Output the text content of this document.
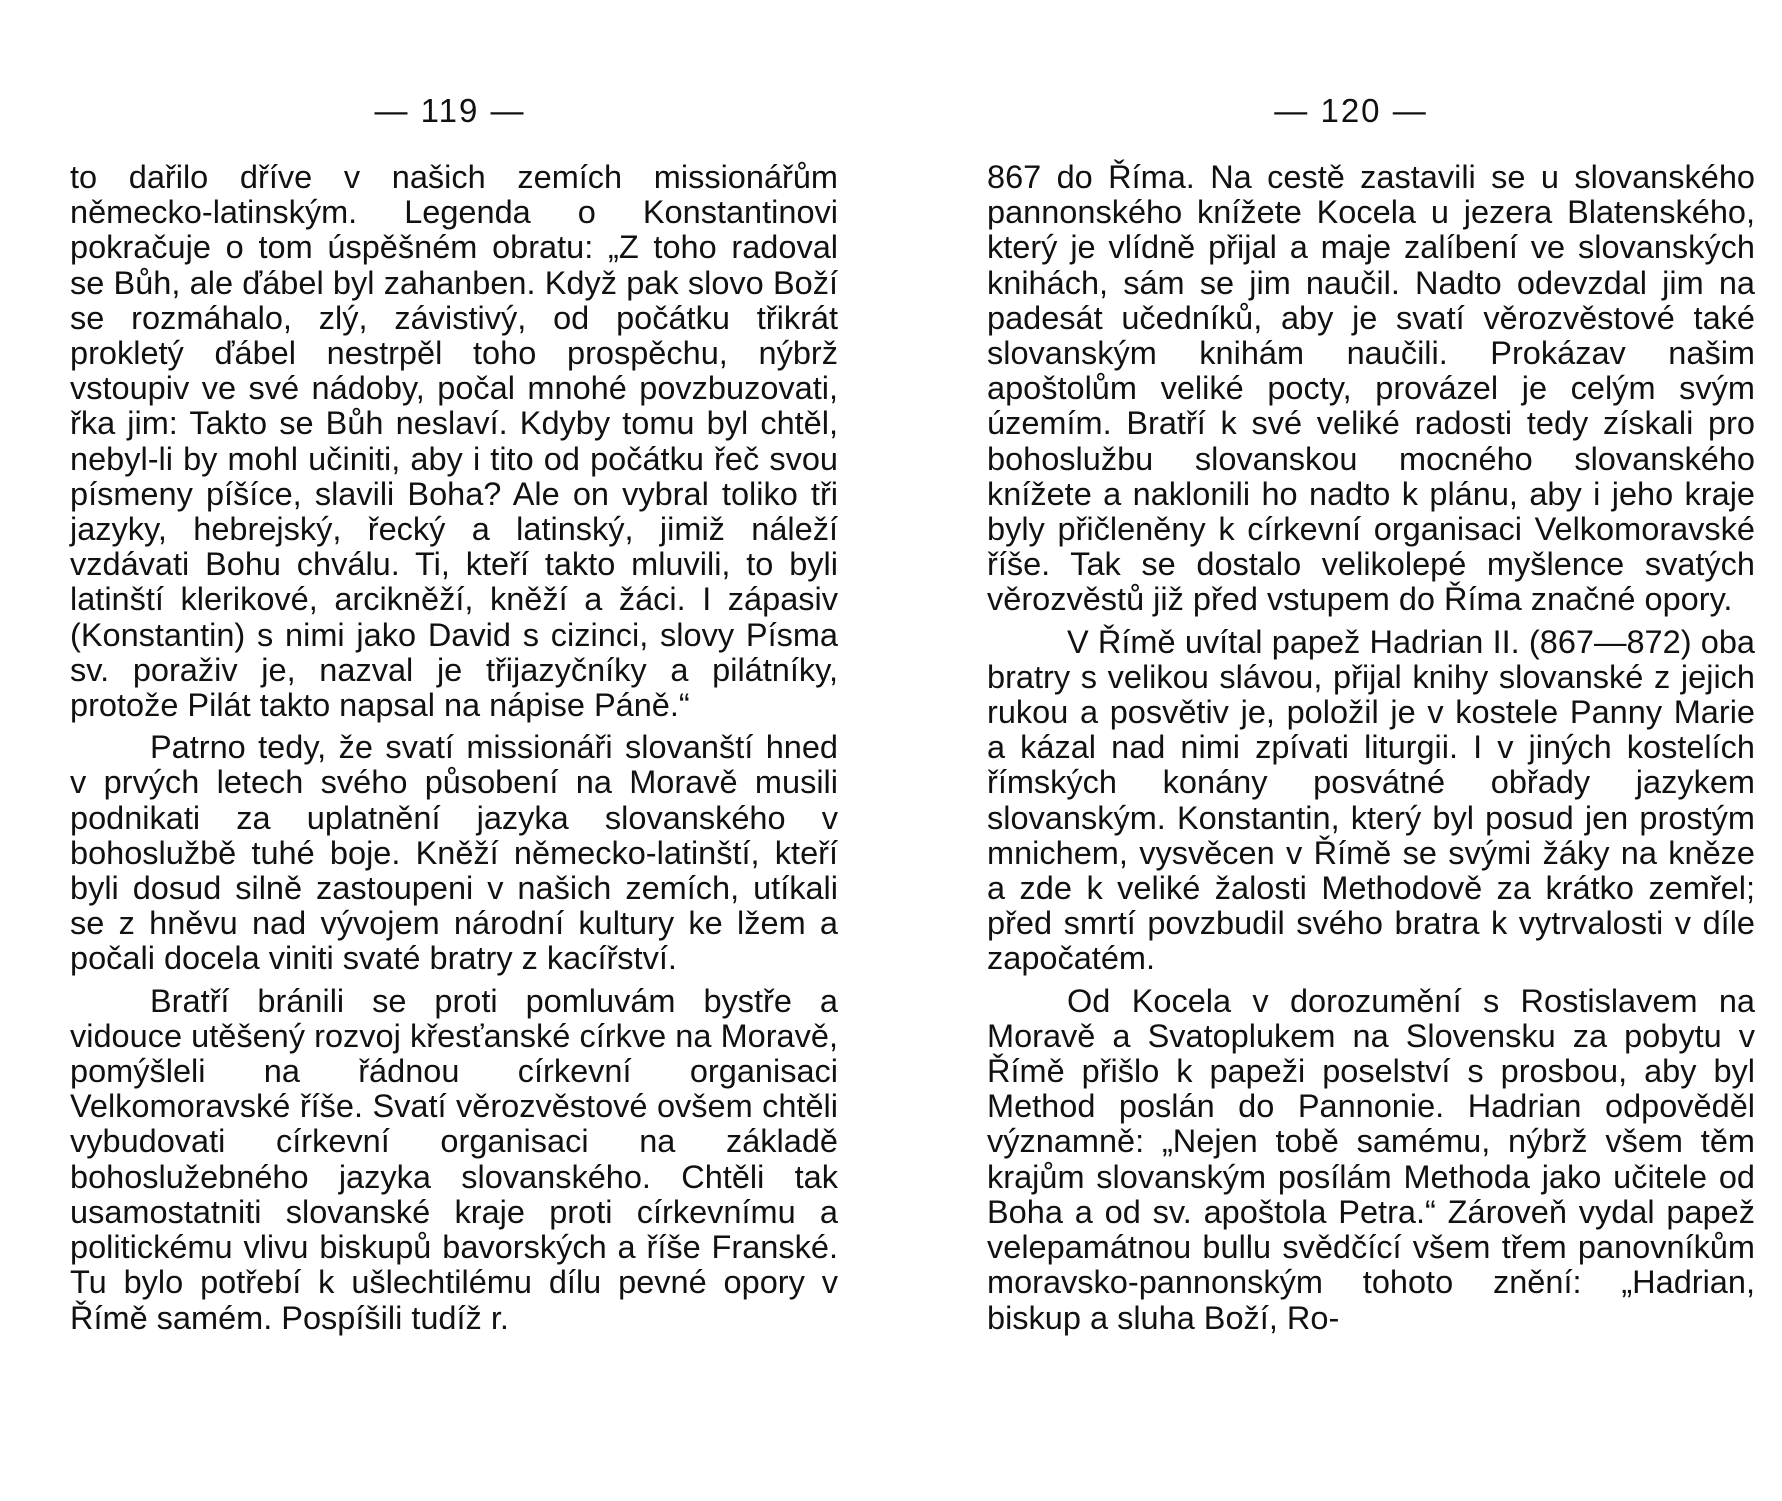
— 119 —

to dařilo dříve v našich zemích missionářům německo-latinským. Legenda o Konstantinovi pokračuje o tom úspěšném obratu: „Z toho radoval se Bůh, ale ďábel byl zahanben. Když pak slovo Boží se rozmáhalo, zlý, závistivý, od počátku třikrát prokletý ďábel nestrpěl toho prospěchu, nýbrž vstoupiv ve své nádoby, počal mnohé povzbuzovati, řka jim: Takto se Bůh neslaví. Kdyby tomu byl chtěl, nebyl-li by mohl učiniti, aby i tito od počátku řeč svou písmeny píšíce, slavili Boha? Ale on vybral toliko tři jazyky, hebrejský, řecký a latinský, jimiž náleží vzdávati Bohu chválu. Ti, kteří takto mluvili, to byli latinští klerikové, arcikněží, kněží a žáci. I zápasiv (Konstantin) s nimi jako David s cizinci, slovy Písma sv. poraživ je, nazval je třijazyčníky a pilátníky, protože Pilát takto napsal na nápise Páně.“

Patrno tedy, že svatí missionáři slovanští hned v prvých letech svého působení na Moravě musili podnikati za uplatnění jazyka slovanského v bohoslužbě tuhé boje. Kněží německo-latinští, kteří byli dosud silně zastoupeni v našich zemích, utíkali se z hněvu nad vývojem národní kultury ke lžem a počali docela viniti svaté bratry z kacířství.

Bratří bránili se proti pomluvám bystře a vidouce utěšený rozvoj křesťanské církve na Moravě, pomýšleli na řádnou církevní organisaci Velkomoravské říše. Svatí věrozvěstové ovšem chtěli vybudovati církevní organisaci na základě bohoslužebného jazyka slovanského. Chtěli tak usamostatniti slovanské kraje proti církevnímu a politickému vlivu biskupů bavorských a říše Franské. Tu bylo potřebí k ušlechtilému dílu pevné opory v Římě samém. Pospíšili tudíž r.

— 120 —

867 do Říma. Na cestě zastavili se u slovanského pannonského knížete Kocela u jezera Blatenského, který je vlídně přijal a maje zalíbení ve slovanských knihách, sám se jim naučil. Nadto odevzdal jim na padesát učedníků, aby je svatí věrozvěstové také slovanským knihám naučili. Prokázav našim apoštolům veliké pocty, provázel je celým svým územím. Bratří k své veliké radosti tedy získali pro bohoslužbu slovanskou mocného slovanského knížete a naklonili ho nadto k plánu, aby i jeho kraje byly přičleněny k církevní organisaci Velkomoravské říše. Tak se dostalo velikolepé myšlence svatých věrozvěstů již před vstupem do Říma značné opory.

V Římě uvítal papež Hadrian II. (867—872) oba bratry s velikou slávou, přijal knihy slovanské z jejich rukou a posvětiv je, položil je v kostele Panny Marie a kázal nad nimi zpívati liturgii. I v jiných kostelích římských konány posvátné obřady jazykem slovanským. Konstantin, který byl posud jen prostým mnichem, vysvěcen v Římě se svými žáky na kněze a zde k veliké žalosti Methodově za krátko zemřel; před smrtí povzbudil svého bratra k vytrvalosti v díle započatém.

Od Kocela v dorozumění s Rostislavem na Moravě a Svatoplukem na Slovensku za pobytu v Římě přišlo k papeži poselství s prosbou, aby byl Method poslán do Pannonie. Hadrian odpověděl významně: „Nejen tobě samému, nýbrž všem těm krajům slovanským posílám Methoda jako učitele od Boha a od sv. apoštola Petra.“ Zároveň vydal papež velepamátnou bullu svědčící všem třem panovníkům moravsko-pannonským tohoto znění: „Hadrian, biskup a sluha Boží, Ro-
